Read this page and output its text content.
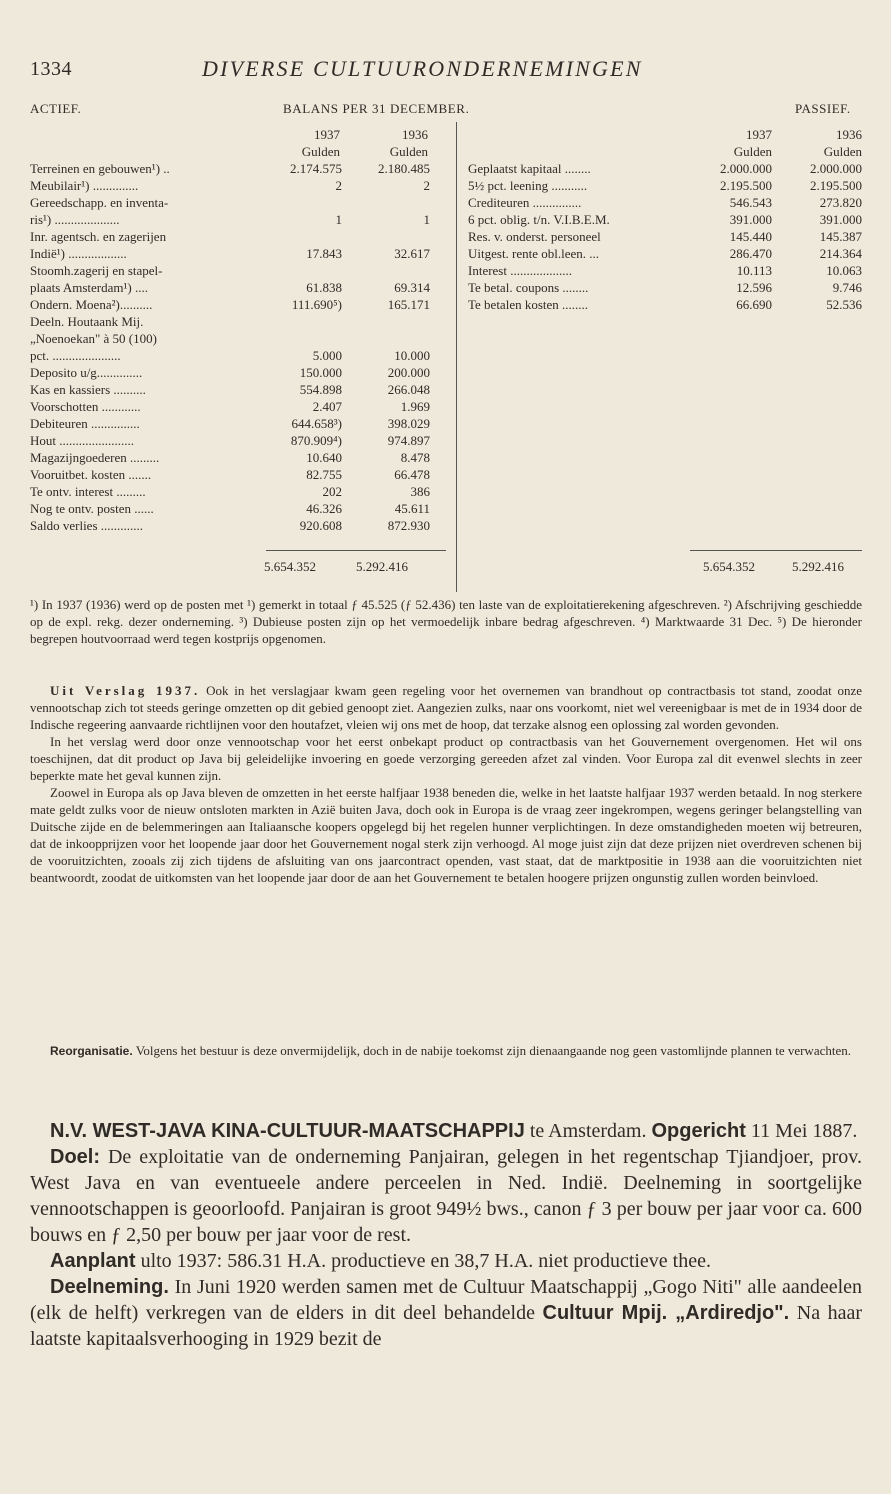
1334	DIVERSE CULTUURONDERNEMINGEN
ACTIEF.	BALANS PER 31 DECEMBER.	PASSIEF.
1937	1936
Gulden	Gulden
1937	1936
Gulden	Gulden
Terreinen en gebouwen¹) ..	2.174.575	2.180.485
Meubilair¹) ..............	2	2
Gereedschapp. en inventa-
ris¹) ....................	1	1
Inr. agentsch. en zagerijen
Indië¹) ..................	17.843	32.617
Stoomh.zagerij en stapel-
plaats Amsterdam¹) ....	61.838	69.314
Ondern. Moena²)..........	111.690⁵)	165.171
Deeln. Houtaank Mij.
„Noenoekan" à 50 (100)
pct. .....................	5.000	10.000
Deposito u/g..............	150.000	200.000
Kas en kassiers ..........	554.898	266.048
Voorschotten ............	2.407	1.969
Debiteuren ...............	644.658³)	398.029
Hout .......................	870.909⁴)	974.897
Magazijngoederen .........	10.640	8.478
Vooruitbet. kosten .......	82.755	66.478
Te ontv. interest .........	202	386
Nog te ontv. posten ......	46.326	45.611
Saldo verlies .............	920.608	872.930
Geplaatst kapitaal ........	2.000.000	2.000.000
5½ pct. leening ...........	2.195.500	2.195.500
Crediteuren ...............	546.543	273.820
6 pct. oblig. t/n. V.I.B.E.M.	391.000	391.000
Res. v. onderst. personeel	145.440	145.387
Uitgest. rente obl.leen. ...	286.470	214.364
Interest ...................	10.113	10.063
Te betal. coupons ........	12.596	9.746
Te betalen kosten ........	66.690	52.536
5.654.352	5.292.416	5.654.352	5.292.416
¹) In 1937 (1936) werd op de posten met ¹) gemerkt in totaal ƒ 45.525 (ƒ 52.436) ten laste van de exploitatierekening afgeschreven. ²) Afschrijving geschiedde op de expl. rekg. dezer onderneming. ³) Dubieuse posten zijn op het vermoedelijk inbare bedrag afgeschreven. ⁴) Marktwaarde 31 Dec. ⁵) De hieronder begrepen houtvoorraad werd tegen kostprijs opgenomen.

Uit Verslag 1937. Ook in het verslagjaar kwam geen regeling voor het overnemen van brandhout op contractbasis tot stand, zoodat onze vennootschap zich tot steeds geringe omzetten op dit gebied genoopt ziet. Aangezien zulks, naar ons voorkomt, niet wel vereenigbaar is met de in 1934 door de Indische regeering aanvaarde richtlijnen voor den houtafzet, vleien wij ons met de hoop, dat terzake alsnog een oplossing zal worden gevonden.

In het verslag werd door onze vennootschap voor het eerst onbekapt product op contractbasis van het Gouvernement overgenomen. Het wil ons toeschijnen, dat dit product op Java bij geleidelijke invoering en goede verzorging gereeden afzet zal vinden. Voor Europa zal dit evenwel slechts in zeer beperkte mate het geval kunnen zijn.

Zoowel in Europa als op Java bleven de omzetten in het eerste halfjaar 1938 beneden die, welke in het laatste halfjaar 1937 werden betaald. In nog sterkere mate geldt zulks voor de nieuw ontsloten markten in Azië buiten Java, doch ook in Europa is de vraag zeer ingekrompen, wegens geringer belangstelling van Duitsche zijde en de belemmeringen aan Italiaansche koopers opgelegd bij het regelen hunner verplichtingen. In deze omstandigheden moeten wij betreuren, dat de inkoopprijzen voor het loopende jaar door het Gouvernement nogal sterk zijn verhoogd. Al moge juist zijn dat deze prijzen niet overdreven schenen bij de vooruitzichten, zooals zij zich tijdens de afsluiting van ons jaarcontract openden, vast staat, dat de marktpositie in 1938 aan die vooruitzichten niet beantwoordt, zoodat de uitkomsten van het loopende jaar door de aan het Gouvernement te betalen hoogere prijzen ongunstig zullen worden beinvloed.

Reorganisatie. Volgens het bestuur is deze onvermijdelijk, doch in de nabije toekomst zijn dienaangaande nog geen vastomlijnde plannen te verwachten.

N.V. WEST-JAVA KINA-CULTUUR-MAATSCHAPPIJ te Amsterdam. Opgericht 11 Mei 1887.

Doel: De exploitatie van de onderneming Panjairan, gelegen in het regentschap Tjiandjoer, prov. West Java en van eventueele andere perceelen in Ned. Indië. Deelneming in soortgelijke vennootschappen is geoorloofd. Panjairan is groot 949½ bws., canon ƒ 3 per bouw per jaar voor ca. 600 bouws en ƒ 2,50 per bouw per jaar voor de rest.

Aanplant ulto 1937: 586.31 H.A. productieve en 38,7 H.A. niet productieve thee.

Deelneming. In Juni 1920 werden samen met de Cultuur Maatschappij „Gogo Niti" alle aandeelen (elk de helft) verkregen van de elders in dit deel behandelde Cultuur Mpij. „Ardiredjo". Na haar laatste kapitaalsverhooging in 1929 bezit de
